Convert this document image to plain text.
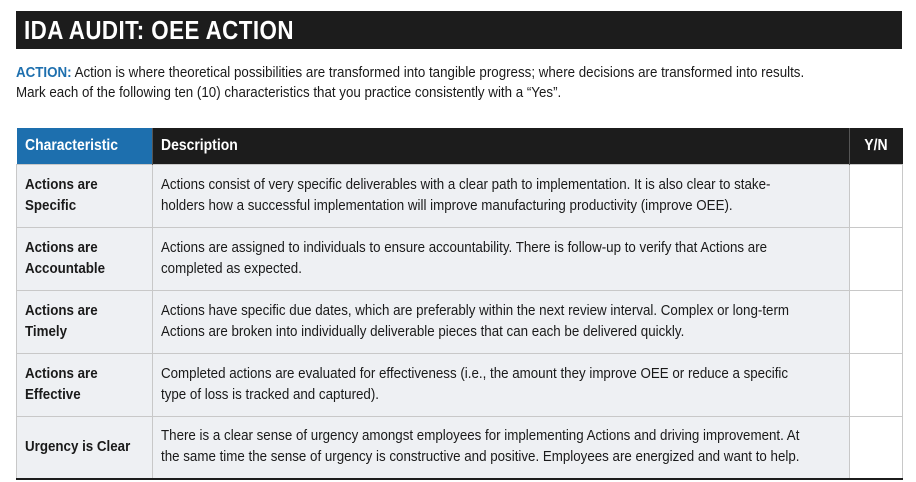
IDA AUDIT: OEE ACTION
ACTION: Action is where theoretical possibilities are transformed into tangible progress; where decisions are transformed into results.
Mark each of the following ten (10) characteristics that you practice consistently with a “Yes”.
Characteristic	Description	Y/N

Actions are
Specific	Actions consist of very specific deliverables with a clear path to implementation. It is also clear to stake-
holders how a successful implementation will improve manufacturing productivity (improve OEE).	

Actions are
Accountable	Actions are assigned to individuals to ensure accountability. There is follow-up to verify that Actions are
completed as expected.	

Actions are
Timely	Actions have specific due dates, which are preferably within the next review interval. Complex or long-term
Actions are broken into individually deliverable pieces that can each be delivered quickly.	

Actions are
Effective	Completed actions are evaluated for effectiveness (i.e., the amount they improve OEE or reduce a specific
type of loss is tracked and captured).	

Urgency is Clear	There is a clear sense of urgency amongst employees for implementing Actions and driving improvement. At
the same time the sense of urgency is constructive and positive. Employees are energized and want to help.	
